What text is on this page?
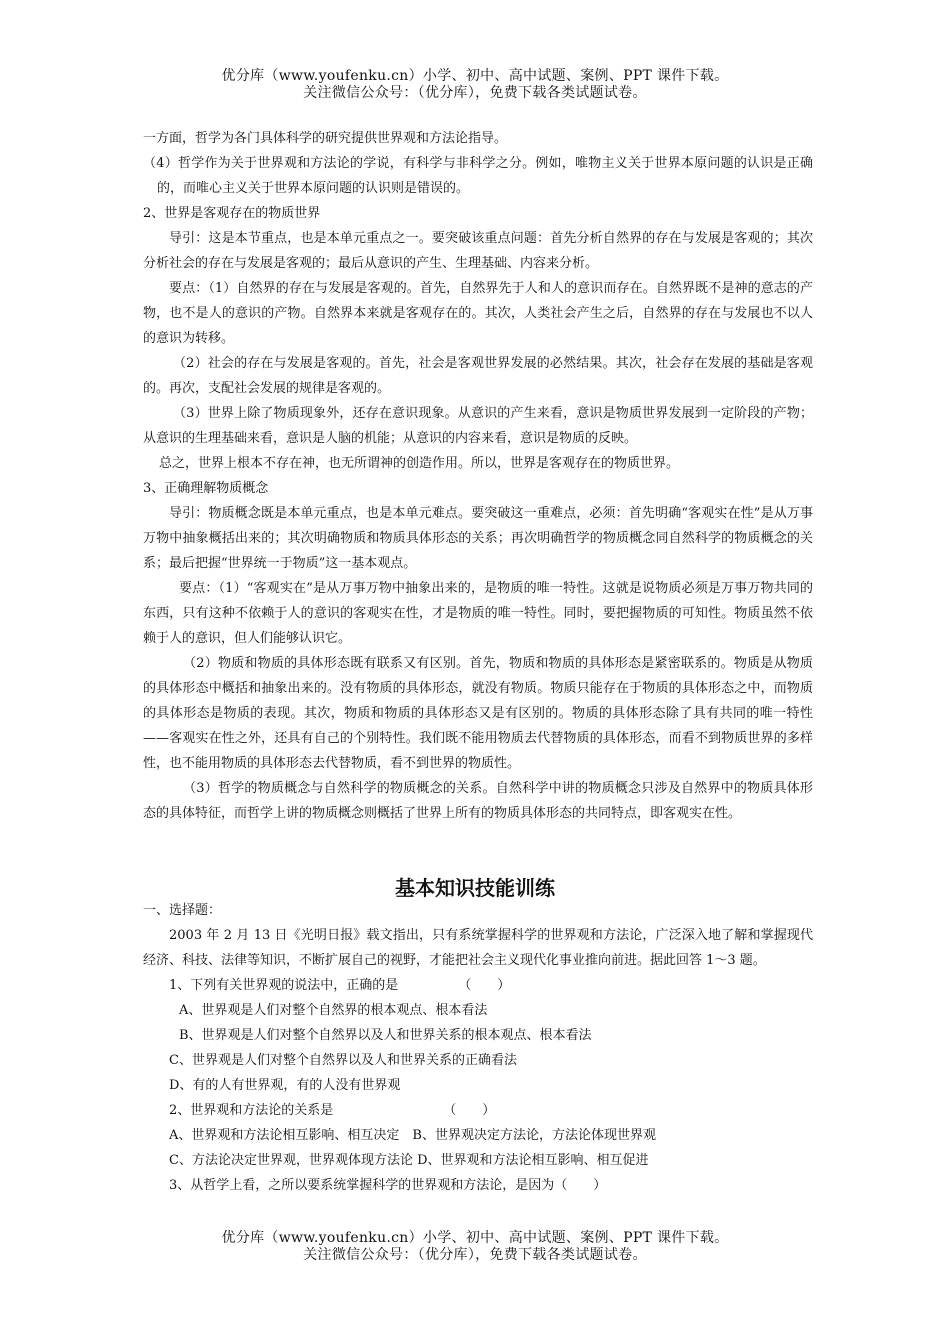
优分库（www.youfenku.cn）小学、初中、高中试题、案例、PPT 课件下载。
关注微信公众号：（优分库），免费下载各类试题试卷。

一方面，哲学为各门具体科学的研究提供世界观和方法论指导。

（4）哲学作为关于世界观和方法论的学说，有科学与非科学之分。例如，唯物主义关于世界本原问题的认识是正确的，而唯心主义关于世界本原问题的认识则是错误的。

2、世界是客观存在的物质世界

导引：这是本节重点，也是本单元重点之一。要突破该重点问题：首先分析自然界的存在与发展是客观的；其次分析社会的存在与发展是客观的；最后从意识的产生、生理基础、内容来分析。

要点：（1）自然界的存在与发展是客观的。首先，自然界先于人和人的意识而存在。自然界既不是神的意志的产物，也不是人的意识的产物。自然界本来就是客观存在的。其次，人类社会产生之后，自然界的存在与发展也不以人的意识为转移。

（2）社会的存在与发展是客观的。首先，社会是客观世界发展的必然结果。其次，社会存在发展的基础是客观的。再次，支配社会发展的规律是客观的。

（3）世界上除了物质现象外，还存在意识现象。从意识的产生来看，意识是物质世界发展到一定阶段的产物；从意识的生理基础来看，意识是人脑的机能；从意识的内容来看，意识是物质的反映。

总之，世界上根本不存在神，也无所谓神的创造作用。所以，世界是客观存在的物质世界。

3、正确理解物质概念

导引：物质概念既是本单元重点，也是本单元难点。要突破这一重难点，必须：首先明确“客观实在性”是从万事万物中抽象概括出来的；其次明确物质和物质具体形态的关系；再次明确哲学的物质概念同自然科学的物质概念的关系；最后把握“世界统一于物质”这一基本观点。

要点：（1）“客观实在”是从万事万物中抽象出来的，是物质的唯一特性。这就是说物质必须是万事万物共同的东西，只有这种不依赖于人的意识的客观实在性，才是物质的唯一特性。同时，要把握物质的可知性。物质虽然不依赖于人的意识，但人们能够认识它。

（2）物质和物质的具体形态既有联系又有区别。首先，物质和物质的具体形态是紧密联系的。物质是从物质的具体形态中概括和抽象出来的。没有物质的具体形态，就没有物质。物质只能存在于物质的具体形态之中，而物质的具体形态是物质的表现。其次，物质和物质的具体形态又是有区别的。物质的具体形态除了具有共同的唯一特性——客观实在性之外，还具有自己的个别特性。我们既不能用物质去代替物质的具体形态，而看不到物质世界的多样性，也不能用物质的具体形态去代替物质，看不到世界的物质性。

（3）哲学的物质概念与自然科学的物质概念的关系。自然科学中讲的物质概念只涉及自然界中的物质具体形态的具体特征，而哲学上讲的物质概念则概括了世界上所有的物质具体形态的共同特点，即客观实在性。

基本知识技能训练

一、选择题：

2003 年 2 月 13 日《光明日报》载文指出，只有系统掌握科学的世界观和方法论，广泛深入地了解和掌握现代经济、科技、法律等知识，不断扩展自己的视野，才能把社会主义现代化事业推向前进。据此回答 1～3 题。

1、下列有关世界观的说法中，正确的是	（　　）

A、世界观是人们对整个自然界的根本观点、根本看法

B、世界观是人们对整个自然界以及人和世界关系的根本观点、根本看法

C、世界观是人们对整个自然界以及人和世界关系的正确看法

D、有的人有世界观，有的人没有世界观

2、世界观和方法论的关系是	（　　）

A、世界观和方法论相互影响、相互决定　B、世界观决定方法论，方法论体现世界观

C、方法论决定世界观，世界观体现方法论 D、世界观和方法论相互影响、相互促进

3、从哲学上看，之所以要系统掌握科学的世界观和方法论，是因为（　　）

优分库（www.youfenku.cn）小学、初中、高中试题、案例、PPT 课件下载。
关注微信公众号：（优分库），免费下载各类试题试卷。
